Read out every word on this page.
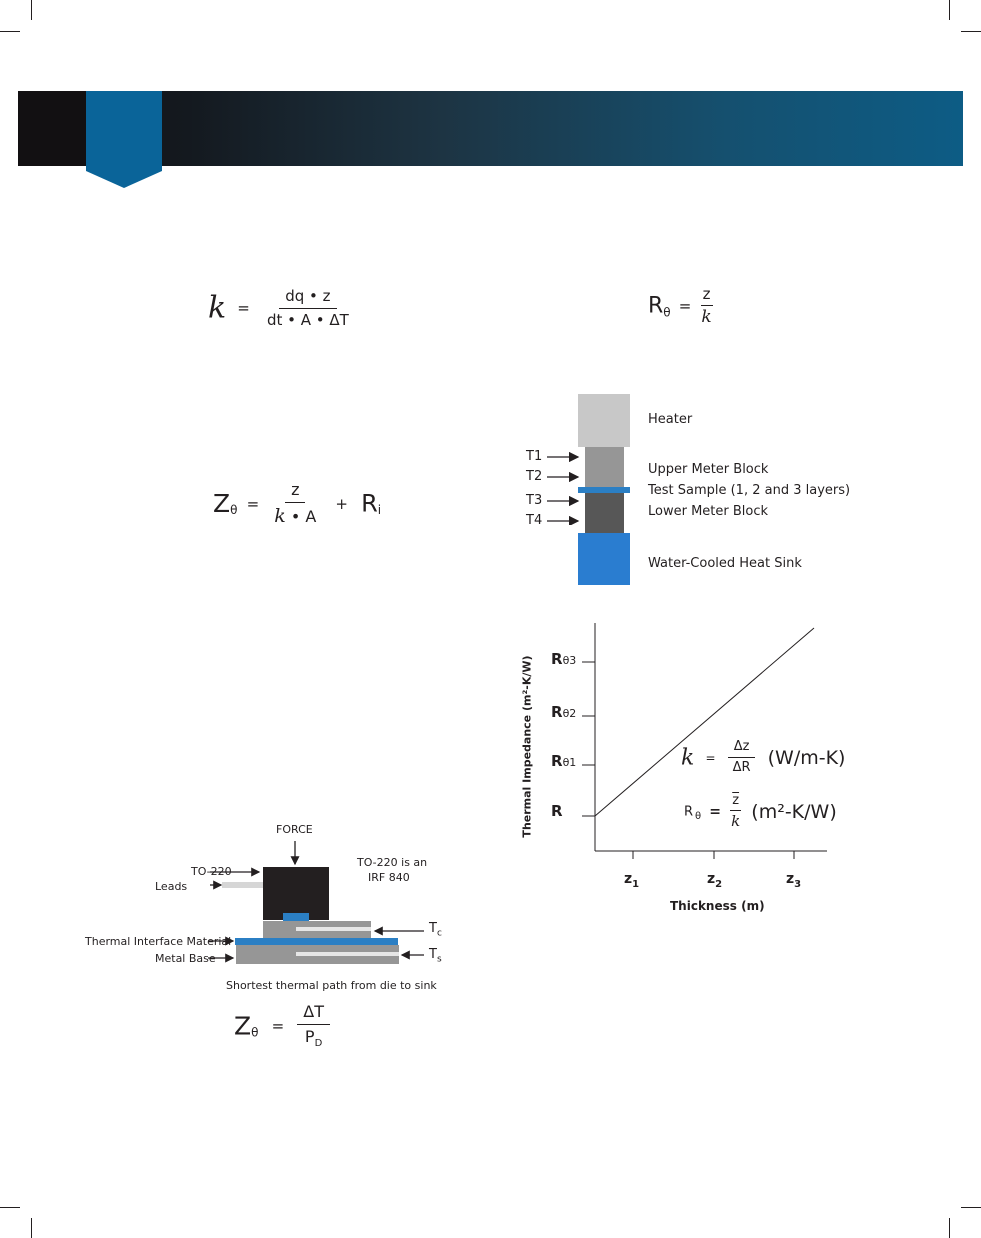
$k = \frac{dq • z}{dt • A • \Delta T}$	$R_\theta = \frac{z}{k}$
$Z_\theta = \frac{z}{k • A} + R_i$
Heater
Upper Meter Block
Test Sample (1, 2 and 3 layers)
Lower Meter Block
Water-Cooled Heat Sink
T1
T2
T3
T4
Rθ3
Rθ2
Rθ1
R
$z_1$	$z_2$	$z_3$
Thickness (m)
Thermal Impedance (m²-K/W)	$k = \frac{\Delta z}{\Delta R} (W/m-K)$
R $\theta = \frac{\overline{z}}{k} (m^2-K/W)$
FORCE
TO-220
Leads
TO-220 is an
IRF 840
Thermal Interface Material
Metal Base
$T_c$
$T_s$
Shortest thermal path from die to sink
$Z_\theta = \frac{\Delta T}{P_D}$
